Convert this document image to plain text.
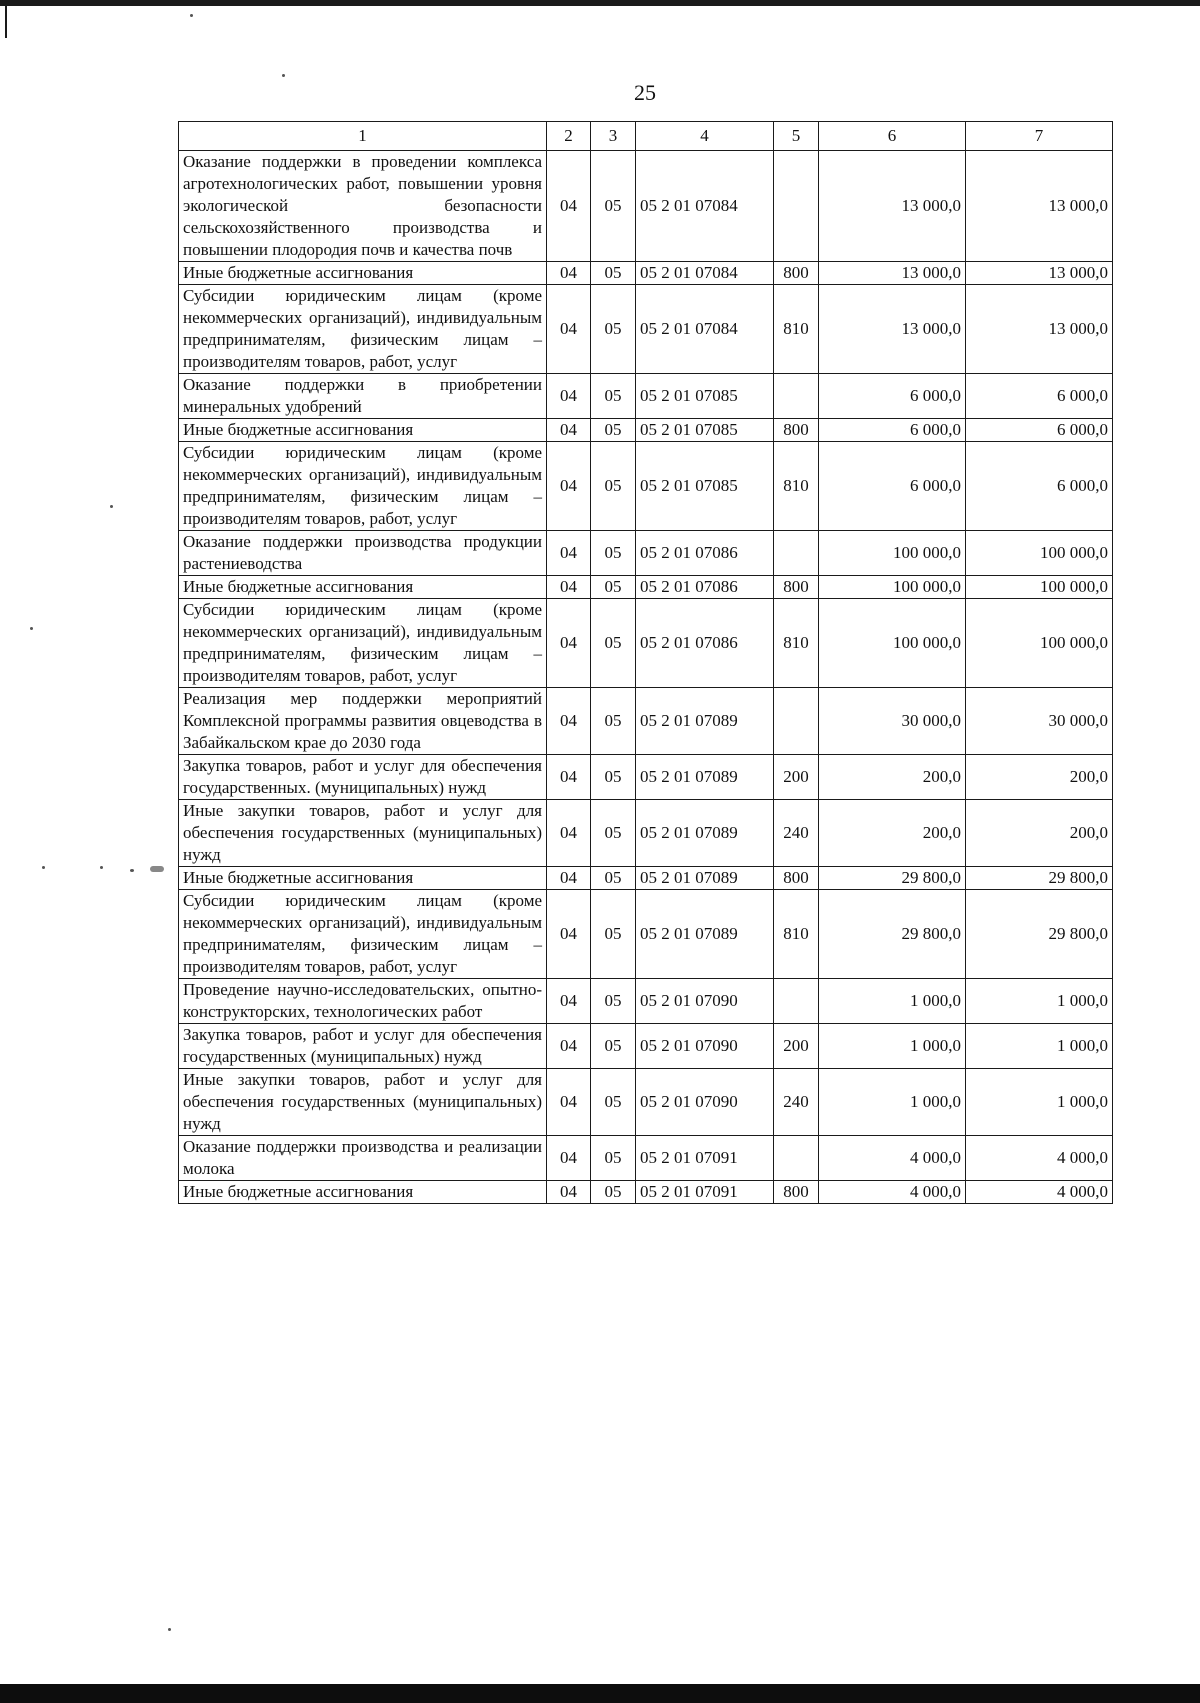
25
1	2	3	4	5	6	7
Оказание поддержки в проведении комплекса агротехнологических работ, повышении уровня экологической безопасности сельскохозяйственного производства и повышении плодородия почв и качества почв	04	05	05 2 01 07084		13 000,0	13 000,0
Иные бюджетные ассигнования	04	05	05 2 01 07084	800	13 000,0	13 000,0
Субсидии юридическим лицам (кроме некоммерческих организаций), индивидуальным предпринимателям, физическим лицам – производителям товаров, работ, услуг	04	05	05 2 01 07084	810	13 000,0	13 000,0
Оказание поддержки в приобретении минеральных удобрений	04	05	05 2 01 07085		6 000,0	6 000,0
Иные бюджетные ассигнования	04	05	05 2 01 07085	800	6 000,0	6 000,0
Субсидии юридическим лицам (кроме некоммерческих организаций), индивидуальным предпринимателям, физическим лицам – производителям товаров, работ, услуг	04	05	05 2 01 07085	810	6 000,0	6 000,0
Оказание поддержки производства продукции растениеводства	04	05	05 2 01 07086		100 000,0	100 000,0
Иные бюджетные ассигнования	04	05	05 2 01 07086	800	100 000,0	100 000,0
Субсидии юридическим лицам (кроме некоммерческих организаций), индивидуальным предпринимателям, физическим лицам – производителям товаров, работ, услуг	04	05	05 2 01 07086	810	100 000,0	100 000,0
Реализация мер поддержки мероприятий Комплексной программы развития овцеводства в Забайкальском крае до 2030 года	04	05	05 2 01 07089		30 000,0	30 000,0
Закупка товаров, работ и услуг для обеспечения государственных. (муниципальных) нужд	04	05	05 2 01 07089	200	200,0	200,0
Иные закупки товаров, работ и услуг для обеспечения государственных (муниципальных) нужд	04	05	05 2 01 07089	240	200,0	200,0
Иные бюджетные ассигнования	04	05	05 2 01 07089	800	29 800,0	29 800,0
Субсидии юридическим лицам (кроме некоммерческих организаций), индивидуальным предпринимателям, физическим лицам – производителям товаров, работ, услуг	04	05	05 2 01 07089	810	29 800,0	29 800,0
Проведение научно-исследовательских, опытно-конструкторских, технологических работ	04	05	05 2 01 07090		1 000,0	1 000,0
Закупка товаров, работ и услуг для обеспечения государственных (муниципальных) нужд	04	05	05 2 01 07090	200	1 000,0	1 000,0
Иные закупки товаров, работ и услуг для обеспечения государственных (муниципальных) нужд	04	05	05 2 01 07090	240	1 000,0	1 000,0
Оказание поддержки производства и реализации молока	04	05	05 2 01 07091		4 000,0	4 000,0
Иные бюджетные ассигнования	04	05	05 2 01 07091	800	4 000,0	4 000,0
